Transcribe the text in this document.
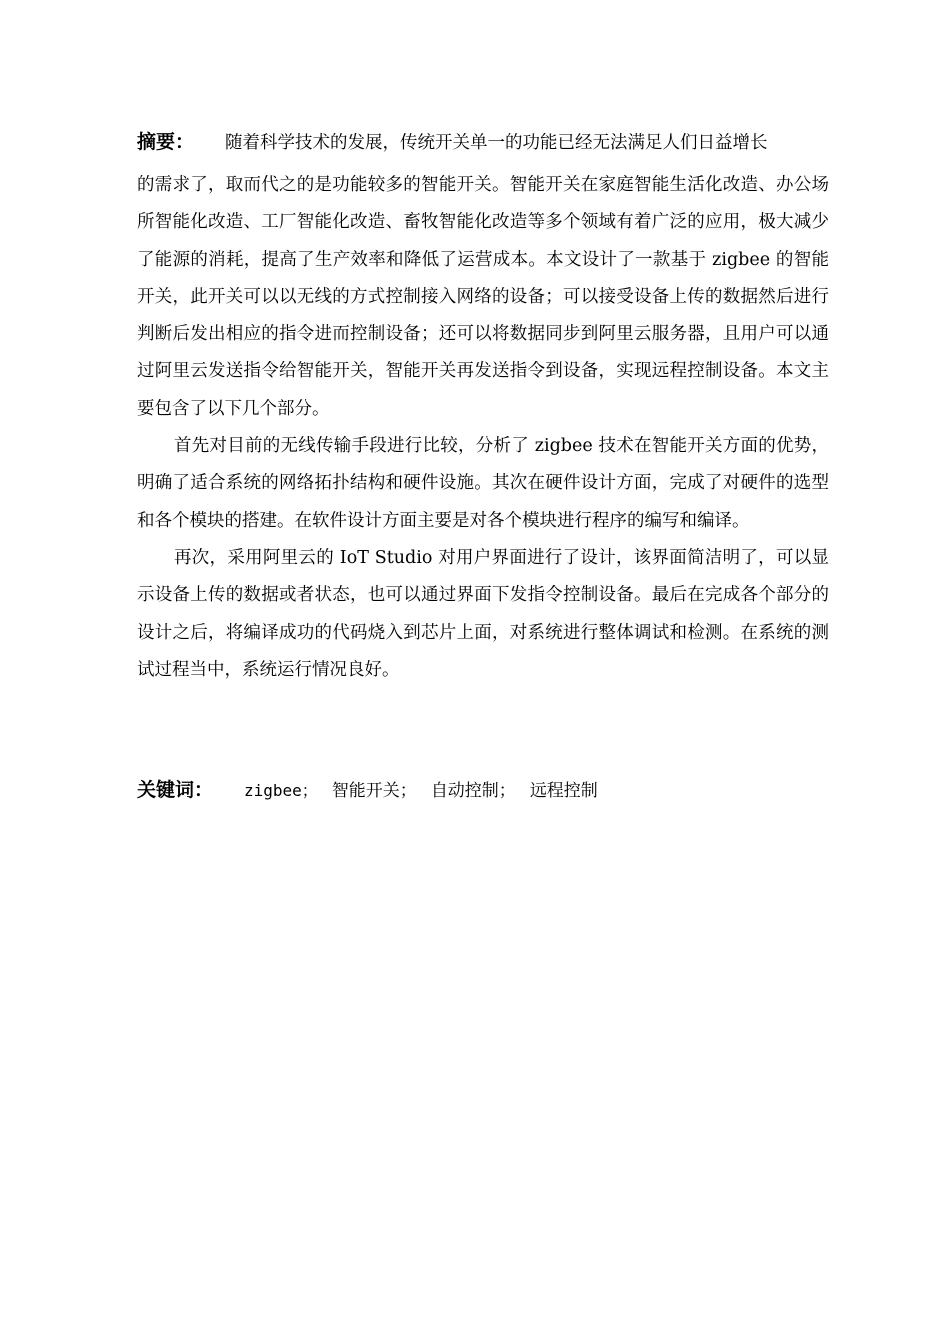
摘要： 随着科学技术的发展，传统开关单一的功能已经无法满足人们日益增长

的需求了，取而代之的是功能较多的智能开关。智能开关在家庭智能生活化改造、办公场所智能化改造、工厂智能化改造、畜牧智能化改造等多个领域有着广泛的应用，极大减少了能源的消耗，提高了生产效率和降低了运营成本。本文设计了一款基于 zigbee 的智能开关，此开关可以以无线的方式控制接入网络的设备；可以接受设备上传的数据然后进行判断后发出相应的指令进而控制设备；还可以将数据同步到阿里云服务器，且用户可以通过阿里云发送指令给智能开关，智能开关再发送指令到设备，实现远程控制设备。本文主要包含了以下几个部分。

首先对目前的无线传输手段进行比较，分析了 zigbee 技术在智能开关方面的优势，明确了适合系统的网络拓扑结构和硬件设施。其次在硬件设计方面，完成了对硬件的选型和各个模块的搭建。在软件设计方面主要是对各个模块进行程序的编写和编译。

再次，采用阿里云的 IoT Studio 对用户界面进行了设计，该界面简洁明了，可以显示设备上传的数据或者状态，也可以通过界面下发指令控制设备。最后在完成各个部分的设计之后，将编译成功的代码烧入到芯片上面，对系统进行整体调试和检测。在系统的测试过程当中，系统运行情况良好。

关键词： zigbee； 智能开关； 自动控制； 远程控制
